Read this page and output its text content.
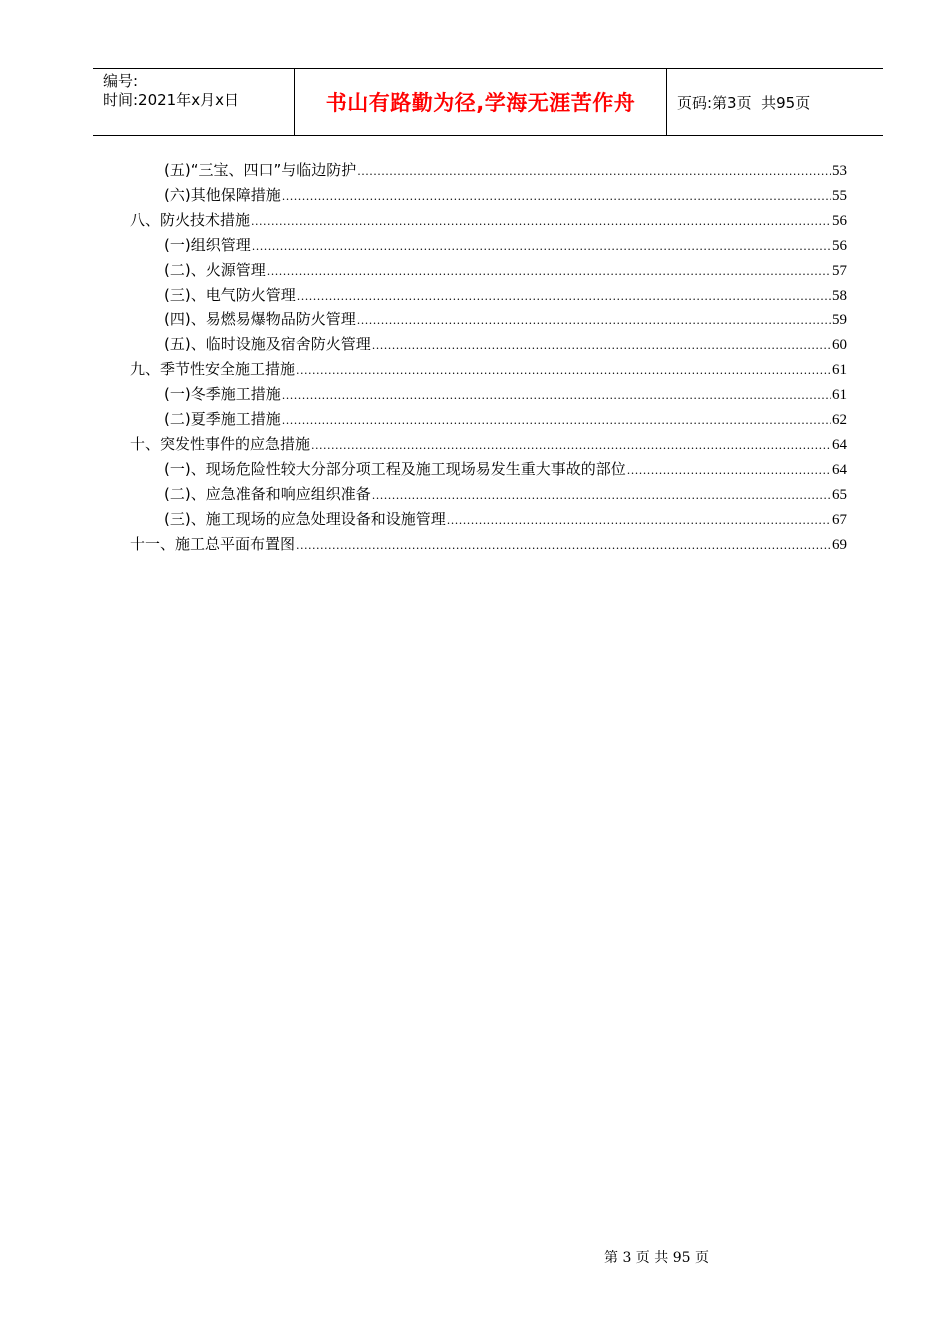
编号:
时间:2021年x月x日	书山有路勤为径,学海无涯苦作舟	页码:第3页  共95页
(五)“三宝、四口”与临边防护 .....	53
(六)其他保障措施 .....	55
八、防火技术措施 .....	56
(一)组织管理 .....	56
(二)、火源管理 .....	57
(三)、电气防火管理 .....	58
(四)、易燃易爆物品防火管理 .....	59
(五)、临时设施及宿舍防火管理 .....	60
九、季节性安全施工措施 .....	61
(一)冬季施工措施 .....	61
(二)夏季施工措施 .....	62
十、突发性事件的应急措施 .....	64
(一)、现场危险性较大分部分项工程及施工现场易发生重大事故的部位 .....	64
(二)、应急准备和响应组织准备 .....	65
(三)、施工现场的应急处理设备和设施管理 .....	67
十一、施工总平面布置图 .....	69
第 3 页 共 95 页
